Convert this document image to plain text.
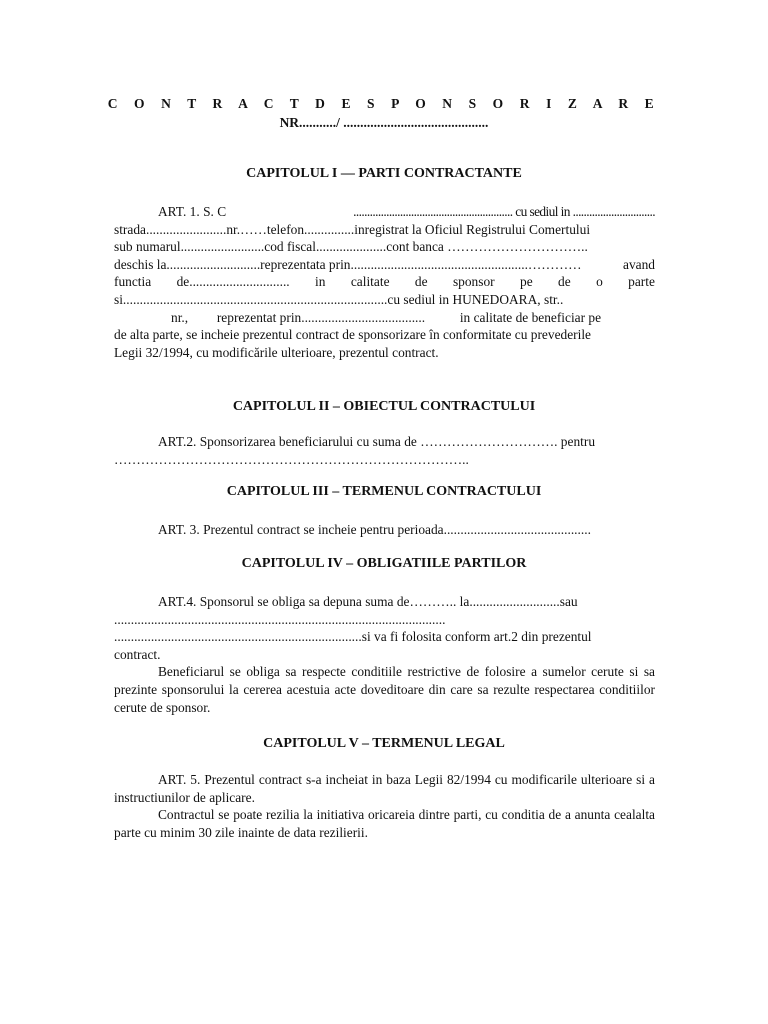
C O N T R A C T D E S P O N S O R I Z A R E
NR.........../ ...........................................
CAPITOLUL I — PARTI CONTRACTANTE
ART. 1. S. C	.......................................................... cu sediul in ..............................
strada........................nr.……telefon...............inregistrat la Oficiul Registrului Comertului
sub numarul.........................cod fiscal.....................cont banca …………………………..
deschis la............................reprezentata prin.....................................................…………	avand
functia de.............................. in calitate de sponsor pe de o parte
si...............................................................................cu sediul in HUNEDOARA, str..
nr., reprezentat prin.....................................	in calitate de beneficiar pe
de alta parte, se incheie prezentul contract de sponsorizare în conformitate cu prevederile
Legii 32/1994, cu modificările ulterioare, prezentul contract.
CAPITOLUL II – OBIECTUL CONTRACTULUI
ART.2. Sponsorizarea beneficiarului cu suma de …………………………. pentru
……………………………………………………………………..
CAPITOLUL III – TERMENUL CONTRACTULUI
ART. 3. Prezentul contract se incheie pentru perioada............................................
CAPITOLUL IV – OBLIGATIILE PARTILOR
ART.4. Sponsorul se obliga sa depuna suma de……….. la...........................sau
...................................................................................................
..........................................................................si va fi folosita conform art.2 din prezentul
contract.
Beneficiarul se obliga sa respecte conditiile restrictive de folosire a sumelor cerute si sa prezinte sponsorului la cererea acestuia acte doveditoare din care sa rezulte respectarea conditiilor cerute de sponsor.
CAPITOLUL V – TERMENUL LEGAL
ART. 5. Prezentul contract s-a incheiat in baza Legii 82/1994 cu modificarile ulterioare si a instructiunilor de aplicare.
Contractul se poate rezilia la initiativa oricareia dintre parti, cu conditia de a anunta cealalta parte cu minim 30 zile inainte de data rezilierii.
